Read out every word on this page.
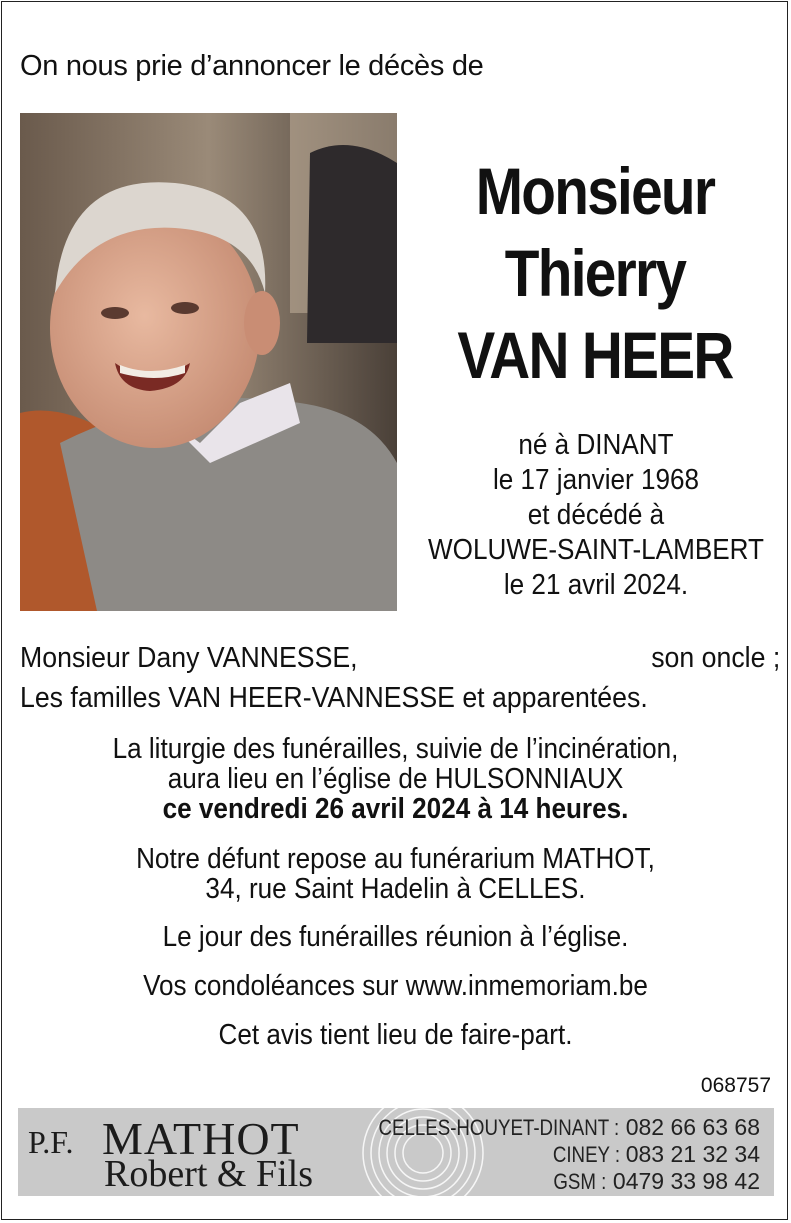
On nous prie d’annoncer le décès de
Monsieur
Thierry
VAN HEER
né à DINANT
le 17 janvier 1968
et décédé à
WOLUWE-SAINT-LAMBERT
le 21 avril 2024.
Monsieur Dany VANNESSE,	son oncle ;
Les familles VAN HEER-VANNESSE et apparentées.
La liturgie des funérailles, suivie de l’incinération,
aura lieu en l’église de HULSONNIAUX
ce vendredi 26 avril 2024 à 14 heures.
Notre défunt repose au funérarium MATHOT,
34, rue Saint Hadelin à CELLES.
Le jour des funérailles réunion à l’église.
Vos condoléances sur www.inmemoriam.be
Cet avis tient lieu de faire-part.
068757
P.F. MATHOT
Robert & Fils
CELLES-HOUYET-DINANT : 082 66 63 68
CINEY : 083 21 32 34
GSM : 0479 33 98 42
